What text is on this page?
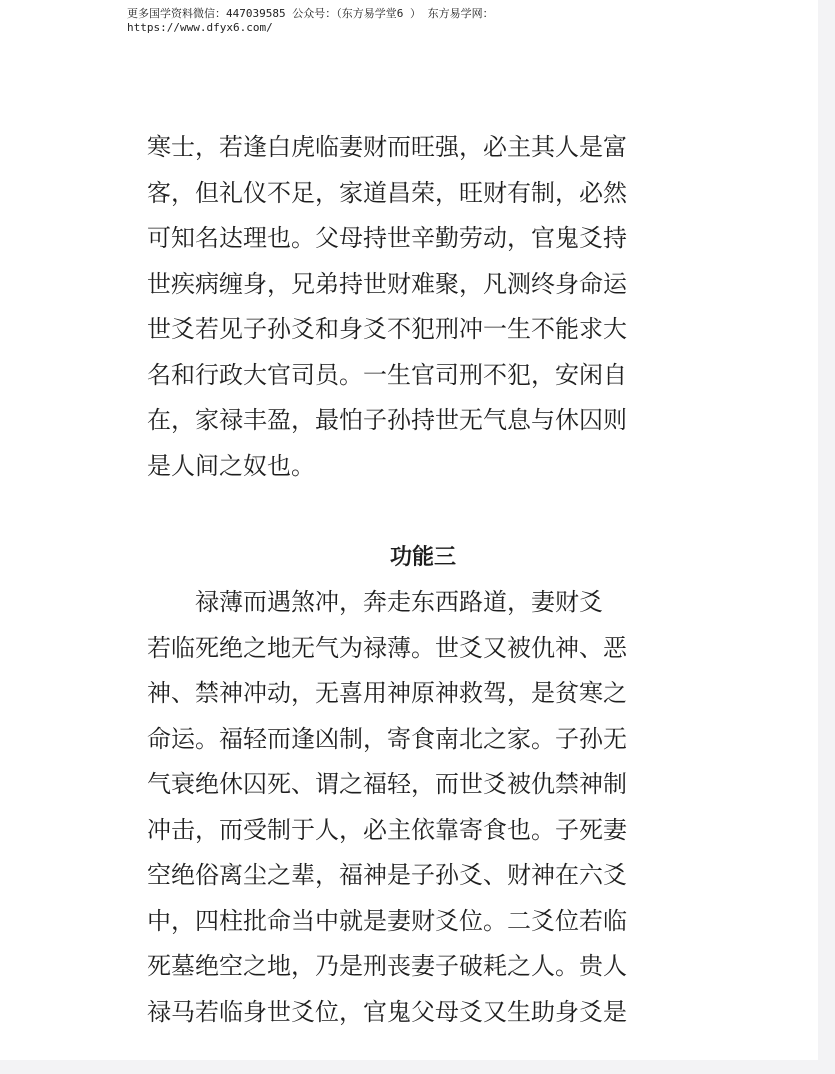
更多国学资料微信：447039585 公众号：（东方易学堂6 ） 东方易学网：
https://www.dfyx6.com/

寒士，若逢白虎临妻财而旺强，必主其人是富
客，但礼仪不足，家道昌荣，旺财有制，必然
可知名达理也。父母持世辛勤劳动，官鬼爻持
世疾病缠身，兄弟持世财难聚，凡测终身命运
世爻若见子孙爻和身爻不犯刑冲一生不能求大
名和行政大官司员。一生官司刑不犯，安闲自
在，家禄丰盈，最怕子孙持世无气息与休囚则
是人间之奴也。

功能三

　　禄薄而遇煞冲，奔走东西路道，妻财爻
若临死绝之地无气为禄薄。世爻又被仇神、恶
神、禁神冲动，无喜用神原神救驾，是贫寒之
命运。福轻而逢凶制，寄食南北之家。子孙无
气衰绝休囚死、谓之福轻，而世爻被仇禁神制
冲击，而受制于人，必主依靠寄食也。子死妻
空绝俗离尘之辈，福神是子孙爻、财神在六爻
中，四柱批命当中就是妻财爻位。二爻位若临
死墓绝空之地，乃是刑丧妻子破耗之人。贵人
禄马若临身世爻位，官鬼父母爻又生助身爻是
